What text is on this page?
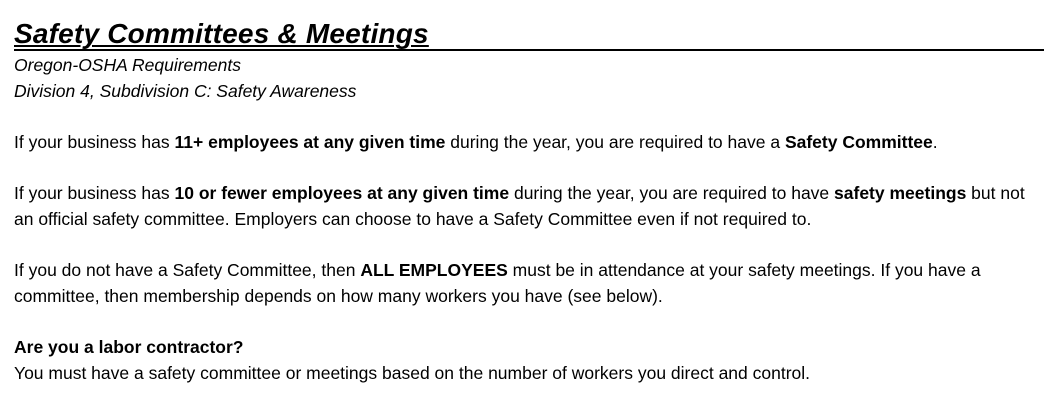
Safety Committees & Meetings
Oregon-OSHA Requirements
Division 4, Subdivision C: Safety Awareness

If your business has 11+ employees at any given time during the year, you are required to have a Safety Committee.

If your business has 10 or fewer employees at any given time during the year, you are required to have safety meetings but not an official safety committee. Employers can choose to have a Safety Committee even if not required to.

If you do not have a Safety Committee, then ALL EMPLOYEES must be in attendance at your safety meetings. If you have a committee, then membership depends on how many workers you have (see below).

Are you a labor contractor?

You must have a safety committee or meetings based on the number of workers you direct and control.
